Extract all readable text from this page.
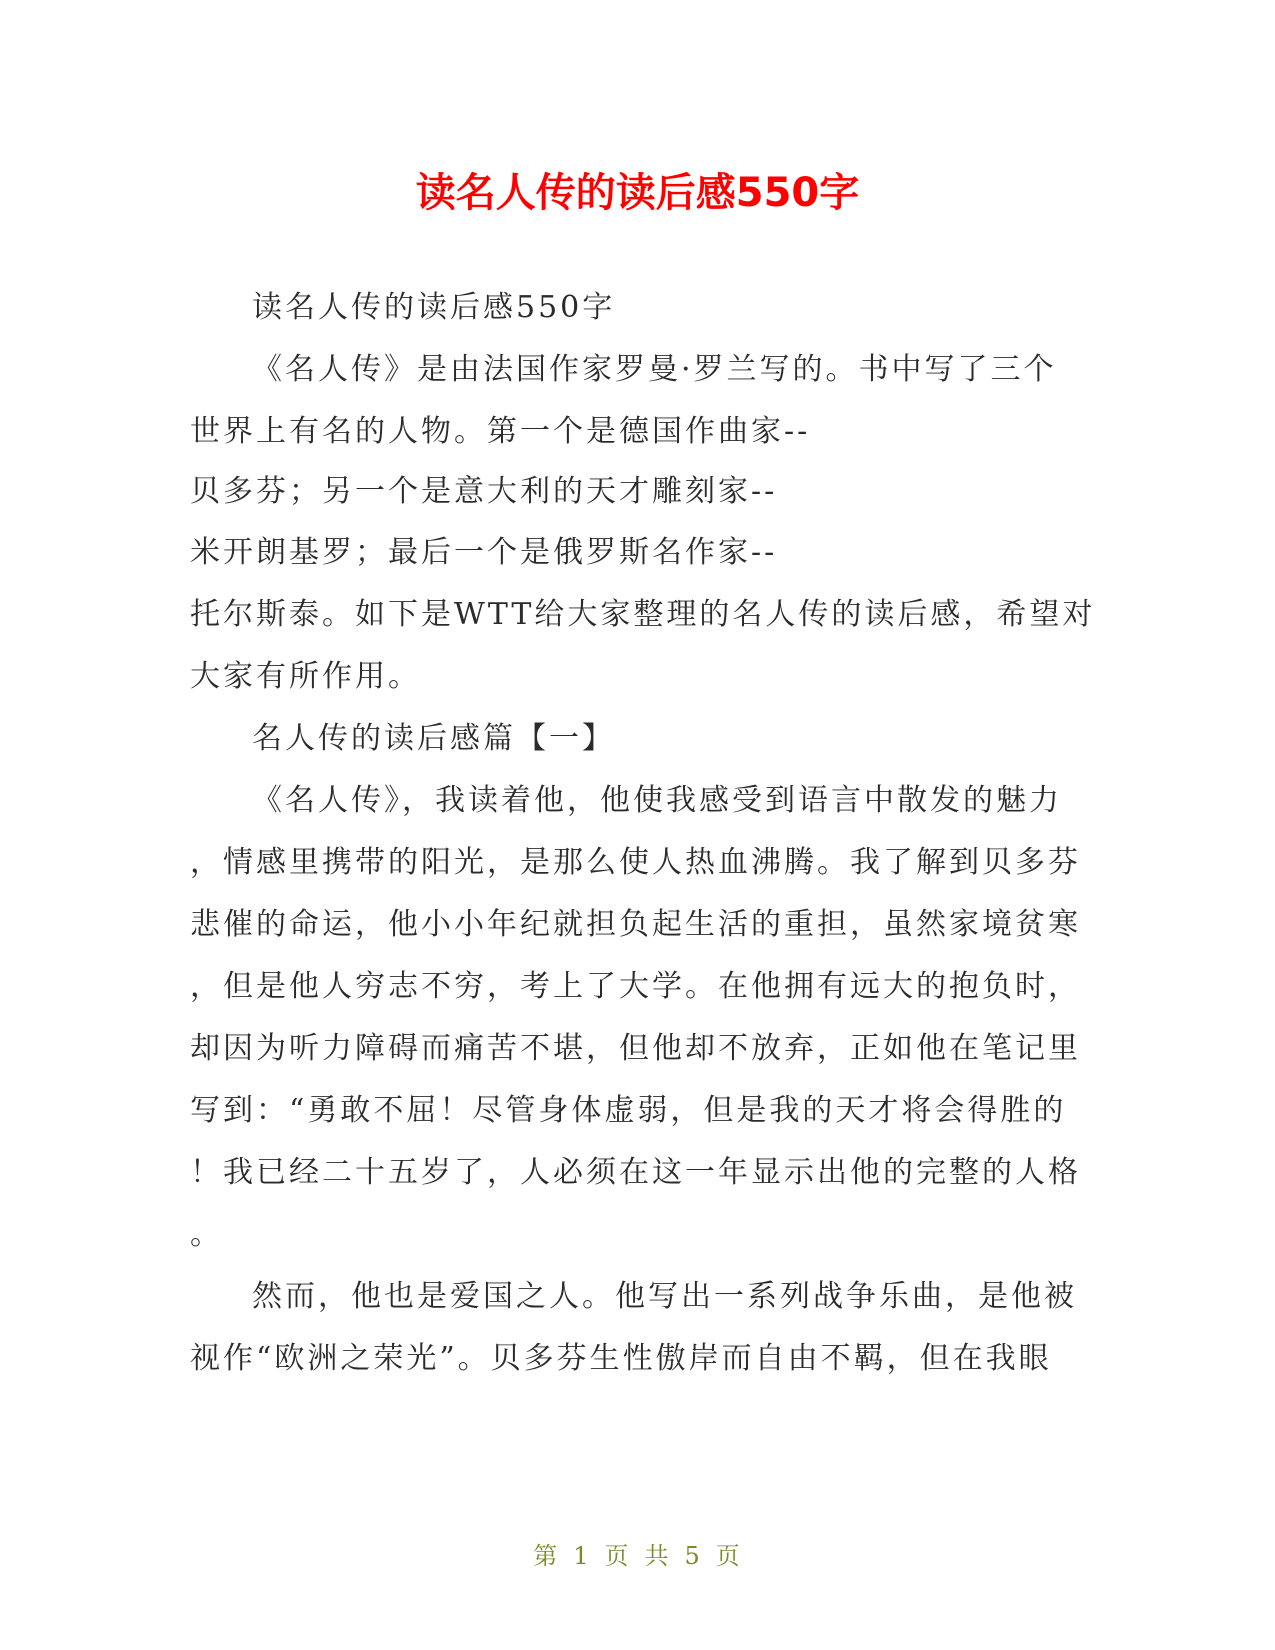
读名人传的读后感550字
读名人传的读后感550字
《名人传》是由法国作家罗曼·罗兰写的。书中写了三个
世界上有名的人物。第一个是德国作曲家--
贝多芬；另一个是意大利的天才雕刻家--
米开朗基罗；最后一个是俄罗斯名作家--
托尔斯泰。如下是WTT给大家整理的名人传的读后感，希望对
大家有所作用。
名人传的读后感篇【一】
《名人传》，我读着他，他使我感受到语言中散发的魅力
，情感里携带的阳光，是那么使人热血沸腾。我了解到贝多芬
悲催的命运，他小小年纪就担负起生活的重担，虽然家境贫寒
，但是他人穷志不穷，考上了大学。在他拥有远大的抱负时，
却因为听力障碍而痛苦不堪，但他却不放弃，正如他在笔记里
写到：“勇敢不屈！尽管身体虚弱，但是我的天才将会得胜的
！我已经二十五岁了，人必须在这一年显示出他的完整的人格
。
然而，他也是爱国之人。他写出一系列战争乐曲，是他被
视作“欧洲之荣光”。贝多芬生性傲岸而自由不羁，但在我眼
第 1 页 共 5 页
